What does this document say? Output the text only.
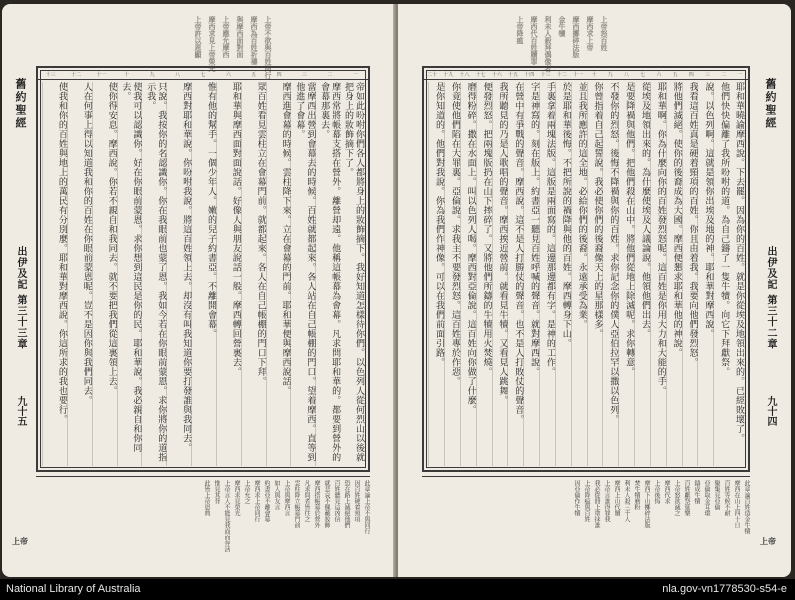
上帝不欲與百姓同行
摩西為百姓祈禱
與摩西面對面
上帝應允摩西
摩西求見上帝榮光
上帝許以恩顯
舊約聖經
出伊及記 第三十三章
九十五
一
二
三
四
五
六
七
八
九
十
十一
十二
十三
帝如此吩咐你們各人都將身上的妝飾摘下。我好知道怎樣待你們。以色列人從何烈山以後就把身上的妝飾摘下了。
摩西常將帳幕支搭在營外。離營却遠。他稱這帳幕為會幕。凡求問耶和華的。都要到營外的會幕那裏去。
當摩西出營到會幕去的時候。百姓就都起來。各人站在自己帳棚的門口。望着摩西。直等到他進了會幕。
摩西進會幕的時候。雲柱降下來。立在會幕的門前。耶和華便與摩西說話。
眾百姓看見雲柱立在會幕門前。就都起來。各人在自己帳棚的門口下拜。
耶和華與摩西面對面說話。好像人與朋友說話一般。摩西轉回營裏去。
惟有他的幫手。一個少年人。嫩的兒子約書亞。不離開會幕。
摩西對耶和華說。你吩咐我說。將這百姓領上去。却沒有叫我知道你要打發誰與我同去。
只說。我按你的名認識你。你在我眼前也蒙了恩。我如今若在你眼前蒙恩。求你將你的道指示我。
使我可以認識你。好在你眼前蒙恩。求你想到這民是你的民。耶和華說。我必親自和你同去。
使你得安息。摩西說。你若不親自和我同去。就不要把我們從這裏領上去。
人在何事上得以知道我和你的百姓在你眼前蒙恩呢。豈不是因你與我們同去。
使我和你的百姓與地上的萬民有分別麼。耶和華對摩西說。你這所求的我也要行。
此章論上帝不與同行
因百姓硬着頸項
恐在路上滅絕他們
百姓聽見這凶信
就悲哀不佩戴妝飾
摩西搭帳幕於營外
凡求問者皆往之
雲柱降立帳幕門前
上帝與摩西言
如人與友言
約書亞不離會幕
摩西求上帝同行
上帝允之
摩西求見榮光
上帝言人不能見我面而存活
惟見其背
此皆上帝恩典
上帝
上帝怒百姓
摩西求上帝
摩西擲碎法版
金牛犢
利未人殺拜偶像者
摩西代百姓贖罪
上帝降瘟
一
二
三
四
五
六
七
八
九
十
十一
十二
十三
十四
十五
十六
十七
十八
十九
二十
耶和華曉諭摩西說。下去罷。因為你的百姓。就是你從埃及地領出來的。已經敗壞了。
他們快快偏離了我所吩咐的道。為自己鑄了一隻牛犢。向它下拜獻祭。
說。以色列啊。這就是領你出埃及地的神。耶和華對摩西說。
我看這百姓真是硬着頸項的百姓。你且由着我。我要向他們發烈怒。
將他們滅絕。使你的後裔成為大國。摩西便懇求耶和華他的神說。
耶和華啊。你為什麼向你的百姓發烈怒呢。這百姓是你用大力和大能的手。
從埃及地領出來的。為什麼使埃及人議論說。他領他們出去。
是要降禍與他們。把他們殺在山中。將他們從地上除滅呢。求你轉意。
不發你的烈怒。後悔不降禍與你的百姓。求你記念你的僕人亞伯拉罕以撒以色列。
你曾指着自己起誓說。我必使你們的後裔像天上的星那樣多。
並且我所應許的這全地。必給你們的後裔。永遠承受為業。
於是耶和華後悔。不把所說的禍降與他的百姓。摩西轉身下山。
手裏拿着兩塊法版。這版是兩面寫的。這邊那邊都有字。是神的工作。
字是神寫的。刻在版上。約書亞一聽見百姓呼喊的聲音。就對摩西說。
在營中有爭戰的聲音。摩西說。這不是人打勝仗的聲音。也不是人打敗仗的聲音。
我所聽見的乃是人歌唱的聲音。摩西挨近營前。就看見牛犢。又看見人跳舞。
便發烈怒。把兩塊版扔在山下摔碎了。又將他們所鑄的牛犢用火焚燒。
磨得粉碎。撒在水面上。叫以色列人喝。摩西對亞倫說。這百姓向你做了什麼。
你竟使他們陷在大罪裏。亞倫說。求我主不要發烈怒。這百姓專於作惡。
是你知道的。他們對我說。你為我們作神像。可以在我們前面引路。	舊約聖經
出伊及記 第三十二章
九十四
此章論百姓造金牛犢
摩西在山上四十日
百姓等候不耐
聚集見亞倫
亞倫取金耳環
鑄成牛犢
百姓獻祭筵樂
上帝怒欲滅之
摩西代求
上帝後悔
摩西下山擲碎法版
焚牛犢磨粉
利未人殺三千人
摩西上山代贖
上帝言誰得罪我
我必從冊上塗抹誰
上帝降瘟與百姓
因亞倫作牛犢
上帝
National Library of Australia	nla.gov-vn1778530-s54-e
